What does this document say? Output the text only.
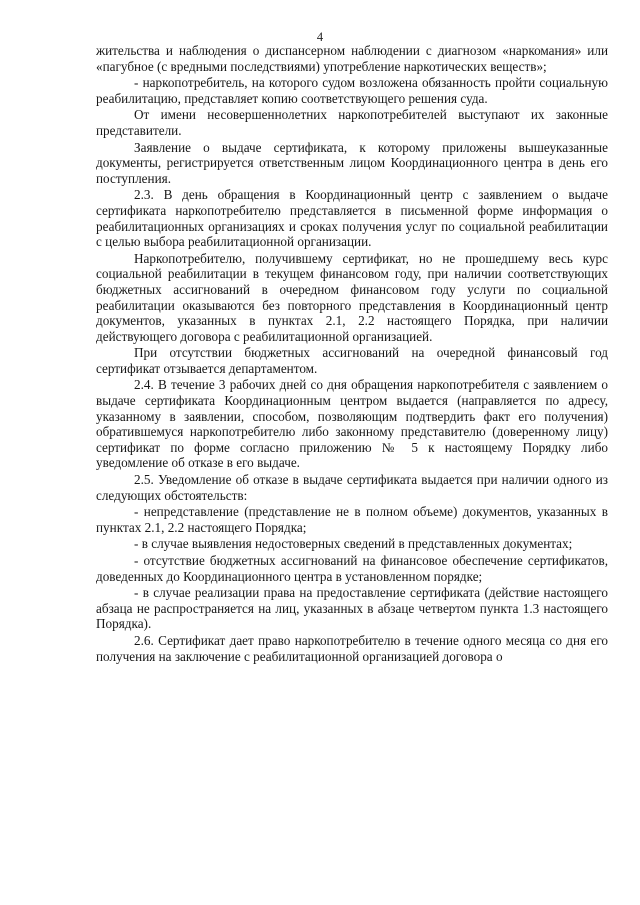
4

жительства и наблюдения о диспансерном наблюдении с диагнозом «наркомания» или «пагубное (с вредными последствиями) употребление наркотических веществ»;

- наркопотребитель, на которого судом возложена обязанность пройти социальную реабилитацию, представляет копию соответствующего решения суда.

От имени несовершеннолетних наркопотребителей выступают их законные представители.

Заявление о выдаче сертификата, к которому приложены вышеуказанные документы, регистрируется ответственным лицом Координационного центра в день его поступления.

2.3. В день обращения в Координационный центр с заявлением о выдаче сертификата наркопотребителю представляется в письменной форме информация о реабилитационных организациях и сроках получения услуг по социальной реабилитации с целью выбора реабилитационной организации.

Наркопотребителю, получившему сертификат, но не прошедшему весь курс социальной реабилитации в текущем финансовом году, при наличии соответствующих бюджетных ассигнований в очередном финансовом году услуги по социальной реабилитации оказываются без повторного представления в Координационный центр документов, указанных в пунктах 2.1, 2.2 настоящего Порядка, при наличии действующего договора с реабилитационной организацией.

При отсутствии бюджетных ассигнований на очередной финансовый год сертификат отзывается департаментом.

2.4. В течение 3 рабочих дней со дня обращения наркопотребителя с заявлением о выдаче сертификата Координационным центром выдается (направляется по адресу, указанному в заявлении, способом, позволяющим подтвердить факт его получения) обратившемуся наркопотребителю либо законному представителю (доверенному лицу) сертификат по форме согласно приложению № 5 к настоящему Порядку либо уведомление об отказе в его выдаче.

2.5. Уведомление об отказе в выдаче сертификата выдается при наличии одного из следующих обстоятельств:

- непредставление (представление не в полном объеме) документов, указанных в пунктах 2.1, 2.2 настоящего Порядка;

- в случае выявления недостоверных сведений в представленных документах;

- отсутствие бюджетных ассигнований на финансовое обеспечение сертификатов, доведенных до Координационного центра в установленном порядке;

- в случае реализации права на предоставление сертификата (действие настоящего абзаца не распространяется на лиц, указанных в абзаце четвертом пункта 1.3 настоящего Порядка).

2.6. Сертификат дает право наркопотребителю в течение одного месяца со дня его получения на заключение с реабилитационной организацией договора о
